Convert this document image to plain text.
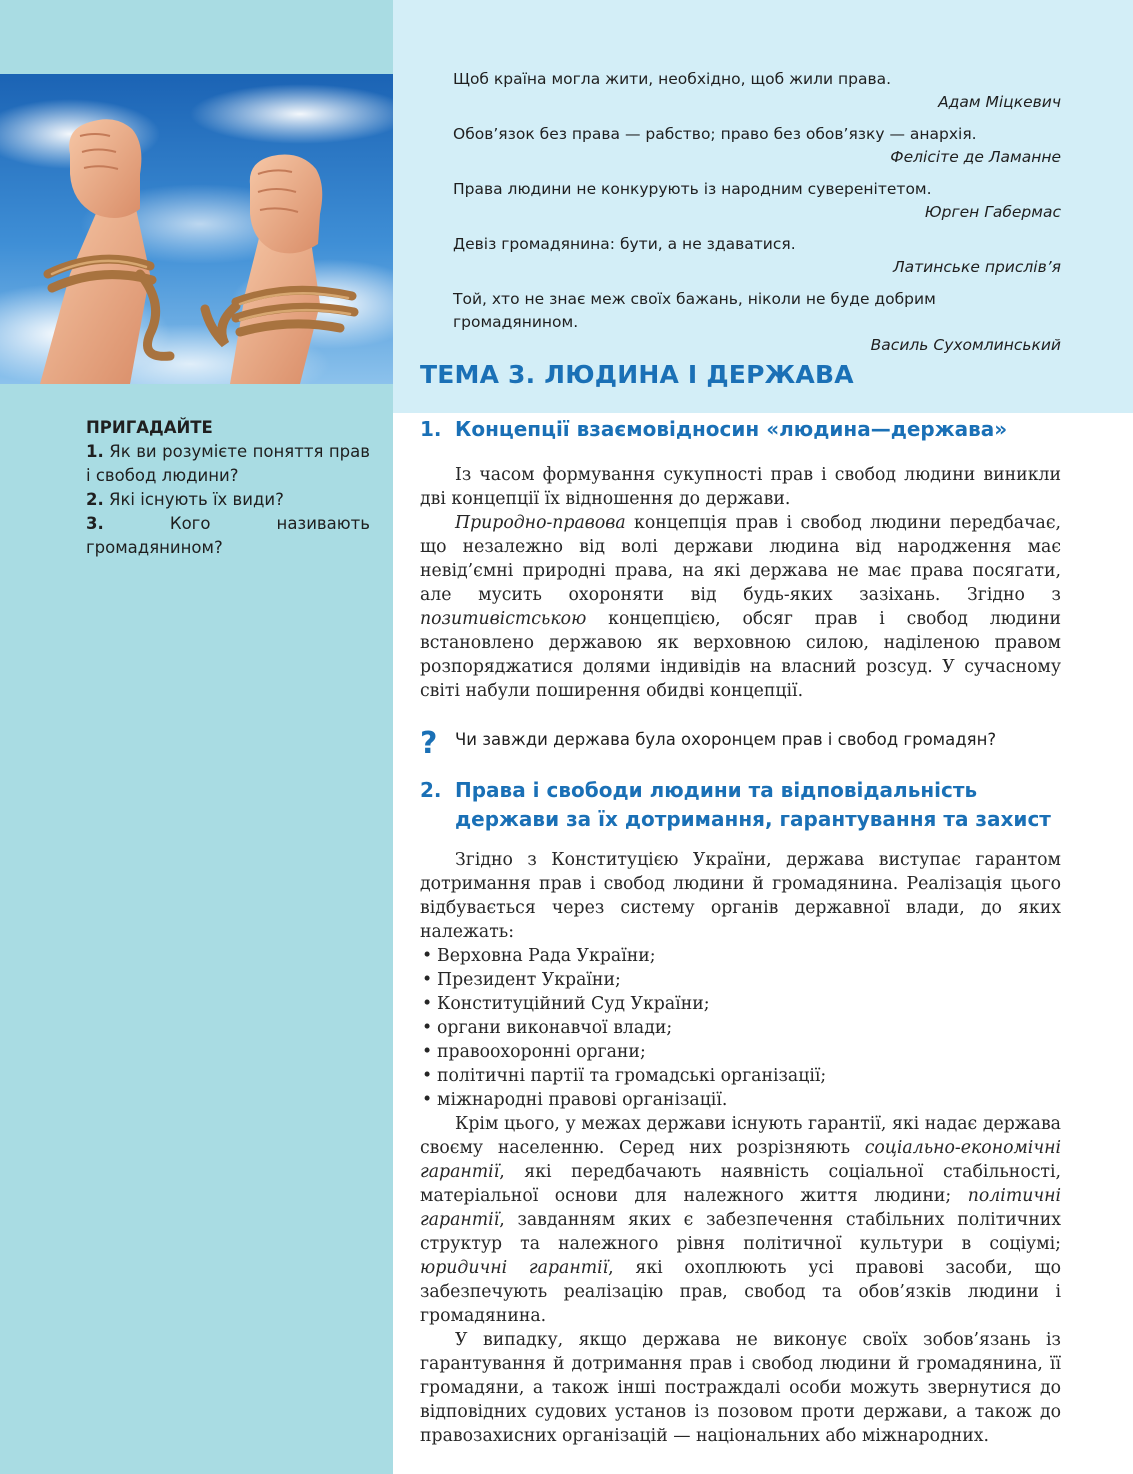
Щоб країна могла жити, необхідно, щоб жили права.
Адам Міцкевич
Обов’язок без права — рабство; право без обов’язку — анархія.
Фелісіте де Ламанне
Права людини не конкурують із народним суверенітетом.
Юрген Габермас
Девіз громадянина: бути, а не здаватися.
Латинське прислів’я
Той, хто не знає меж своїх бажань, ніколи не буде добрим громадянином.
Василь Сухомлинський
ТЕМА 3. ЛЮДИНА І ДЕРЖАВА
ПРИГАДАЙТЕ

1. Як ви розумієте поняття прав і свобод людини?

2. Які існують їх види?

3.	Кого називають громадянином?

1. Концепції взаємовідносин «людина—держава»

Із часом формування сукупності прав і свобод людини виникли дві концепції їх відношення до держави.

Природно-правова концепція прав і свобод людини передбачає, що незалежно від волі держави людина від народження має невід’ємні природні права, на які держава не має права посягати, але мусить охороняти від будь-яких зазіхань. Згідно з позитивістською концепцією, обсяг прав і свобод людини встановлено державою як верховною силою, наділеною правом розпоряджатися долями індивідів на власний розсуд. У сучасному світі набули поширення обидві концепції.

? Чи завжди держава була охоронцем прав і свобод громадян?
2. Права і свободи людини та відповідальність
держави за їх дотримання, гарантування та захист

Згідно з Конституцією України, держава виступає гарантом дотримання прав і свобод людини й громадянина. Реалізація цього відбувається через систему органів державної влади, до яких належать:

• Верховна Рада України;
• Президент України;
• Конституційний Суд України;
• органи виконавчої влади;
• правоохоронні органи;
• політичні партії та громадські організації;
• міжнародні правові організації.

Крім цього, у межах держави існують гарантії, які надає держава своєму населенню. Серед них розрізняють соціально-економічні гарантії, які передбачають наявність соціальної стабільності, матеріальної основи для належного життя людини; політичні гарантії, завданням яких є забезпечення стабільних політичних структур та належного рівня політичної культури в соціумі; юридичні гарантії, які охоплюють усі правові засоби, що забезпечують реалізацію прав, свобод та обов’язків людини і громадянина.

У випадку, якщо держава не виконує своїх зобов’язань із гарантування й дотримання прав і свобод людини й громадянина, її громадяни, а також інші постраждалі особи можуть звернутися до відповідних судових установ із позовом проти держави, а також до правозахисних організацій — національних або міжнародних.
